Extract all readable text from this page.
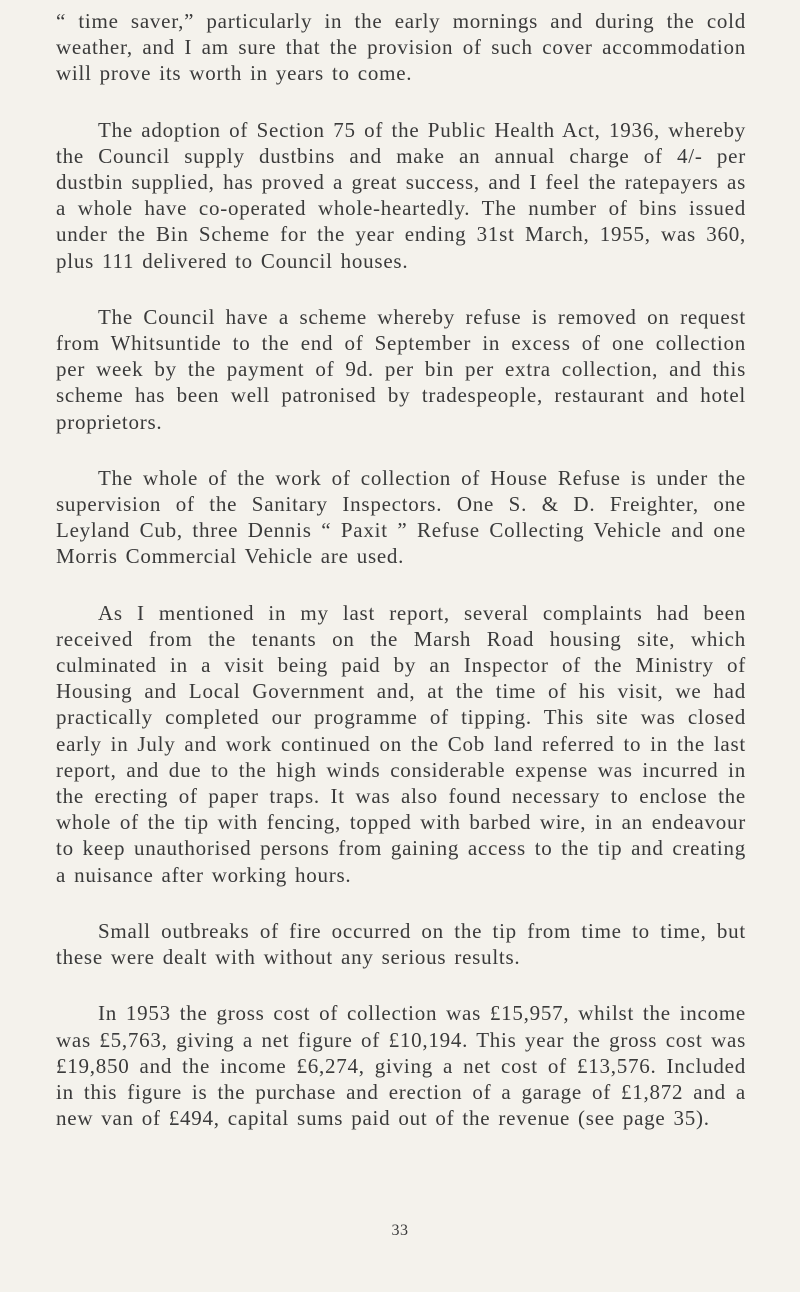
“ time saver,” particularly in the early mornings and during the cold weather, and I am sure that the provision of such cover accommodation will prove its worth in years to come.

The adoption of Section 75 of the Public Health Act, 1936, whereby the Council supply dustbins and make an annual charge of 4/- per dustbin supplied, has proved a great success, and I feel the ratepayers as a whole have co-operated whole-heartedly. The number of bins issued under the Bin Scheme for the year ending 31st March, 1955, was 360, plus 111 delivered to Council houses.

The Council have a scheme whereby refuse is removed on request from Whitsuntide to the end of September in excess of one collection per week by the payment of 9d. per bin per extra collection, and this scheme has been well patronised by tradespeople, restaurant and hotel proprietors.

The whole of the work of collection of House Refuse is under the supervision of the Sanitary Inspectors. One S. & D. Freighter, one Leyland Cub, three Dennis “ Paxit ” Refuse Collecting Vehicle and one Morris Commercial Vehicle are used.

As I mentioned in my last report, several complaints had been received from the tenants on the Marsh Road housing site, which culminated in a visit being paid by an Inspector of the Ministry of Housing and Local Government and, at the time of his visit, we had practically completed our programme of tipping. This site was closed early in July and work continued on the Cob land referred to in the last report, and due to the high winds considerable expense was incurred in the erecting of paper traps. It was also found necessary to enclose the whole of the tip with fencing, topped with barbed wire, in an endeavour to keep unauthorised persons from gaining access to the tip and creating a nuisance after working hours.

Small outbreaks of fire occurred on the tip from time to time, but these were dealt with without any serious results.

In 1953 the gross cost of collection was £15,957, whilst the income was £5,763, giving a net figure of £10,194. This year the gross cost was £19,850 and the income £6,274, giving a net cost of £13,576. Included in this figure is the purchase and erection of a garage of £1,872 and a new van of £494, capital sums paid out of the revenue (see page 35).

33
